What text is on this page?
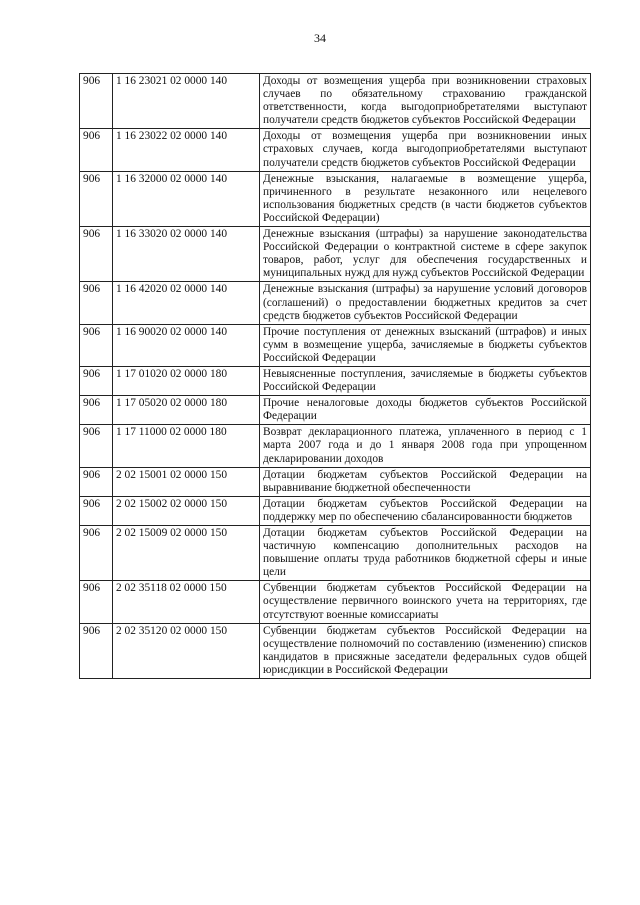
34
906	1 16 23021 02 0000 140	Доходы от возмещения ущерба при возникновении страховых случаев по обязательному страхованию гражданской ответственности, когда выгодоприобретателями выступают получатели средств бюджетов субъектов Российской Федерации
906	1 16 23022 02 0000 140	Доходы от возмещения ущерба при возникновении иных страховых случаев, когда выгодоприобретателями выступают получатели средств бюджетов субъектов Российской Федерации
906	1 16 32000 02 0000 140	Денежные взыскания, налагаемые в возмещение ущерба, причиненного в результате незаконного или нецелевого использования бюджетных средств (в части бюджетов субъектов Российской Федерации)
906	1 16 33020 02 0000 140	Денежные взыскания (штрафы) за нарушение законодательства Российской Федерации о контрактной системе в сфере закупок товаров, работ, услуг для обеспечения государственных и муниципальных нужд для нужд субъектов Российской Федерации
906	1 16 42020 02 0000 140	Денежные взыскания (штрафы) за нарушение условий договоров (соглашений) о предоставлении бюджетных кредитов за счет средств бюджетов субъектов Российской Федерации
906	1 16 90020 02 0000 140	Прочие поступления от денежных взысканий (штрафов) и иных сумм в возмещение ущерба, зачисляемые в бюджеты субъектов Российской Федерации
906	1 17 01020 02 0000 180	Невыясненные поступления, зачисляемые в бюджеты субъектов Российской Федерации
906	1 17 05020 02 0000 180	Прочие неналоговые доходы бюджетов субъектов Российской Федерации
906	1 17 11000 02 0000 180	Возврат декларационного платежа, уплаченного в период с 1 марта 2007 года и до 1 января 2008 года при упрощенном декларировании доходов
906	2 02 15001 02 0000 150	Дотации бюджетам субъектов Российской Федерации на выравнивание бюджетной обеспеченности
906	2 02 15002 02 0000 150	Дотации бюджетам субъектов Российской Федерации на поддержку мер по обеспечению сбалансированности бюджетов
906	2 02 15009 02 0000 150	Дотации бюджетам субъектов Российской Федерации на частичную компенсацию дополнительных расходов на повышение оплаты труда работников бюджетной сферы и иные цели
906	2 02 35118 02 0000 150	Субвенции бюджетам субъектов Российской Федерации на осуществление первичного воинского учета на территориях, где отсутствуют военные комиссариаты
906	2 02 35120 02 0000 150	Субвенции бюджетам субъектов Российской Федерации на осуществление полномочий по составлению (изменению) списков кандидатов в присяжные заседатели федеральных судов общей юрисдикции в Российской Федерации
